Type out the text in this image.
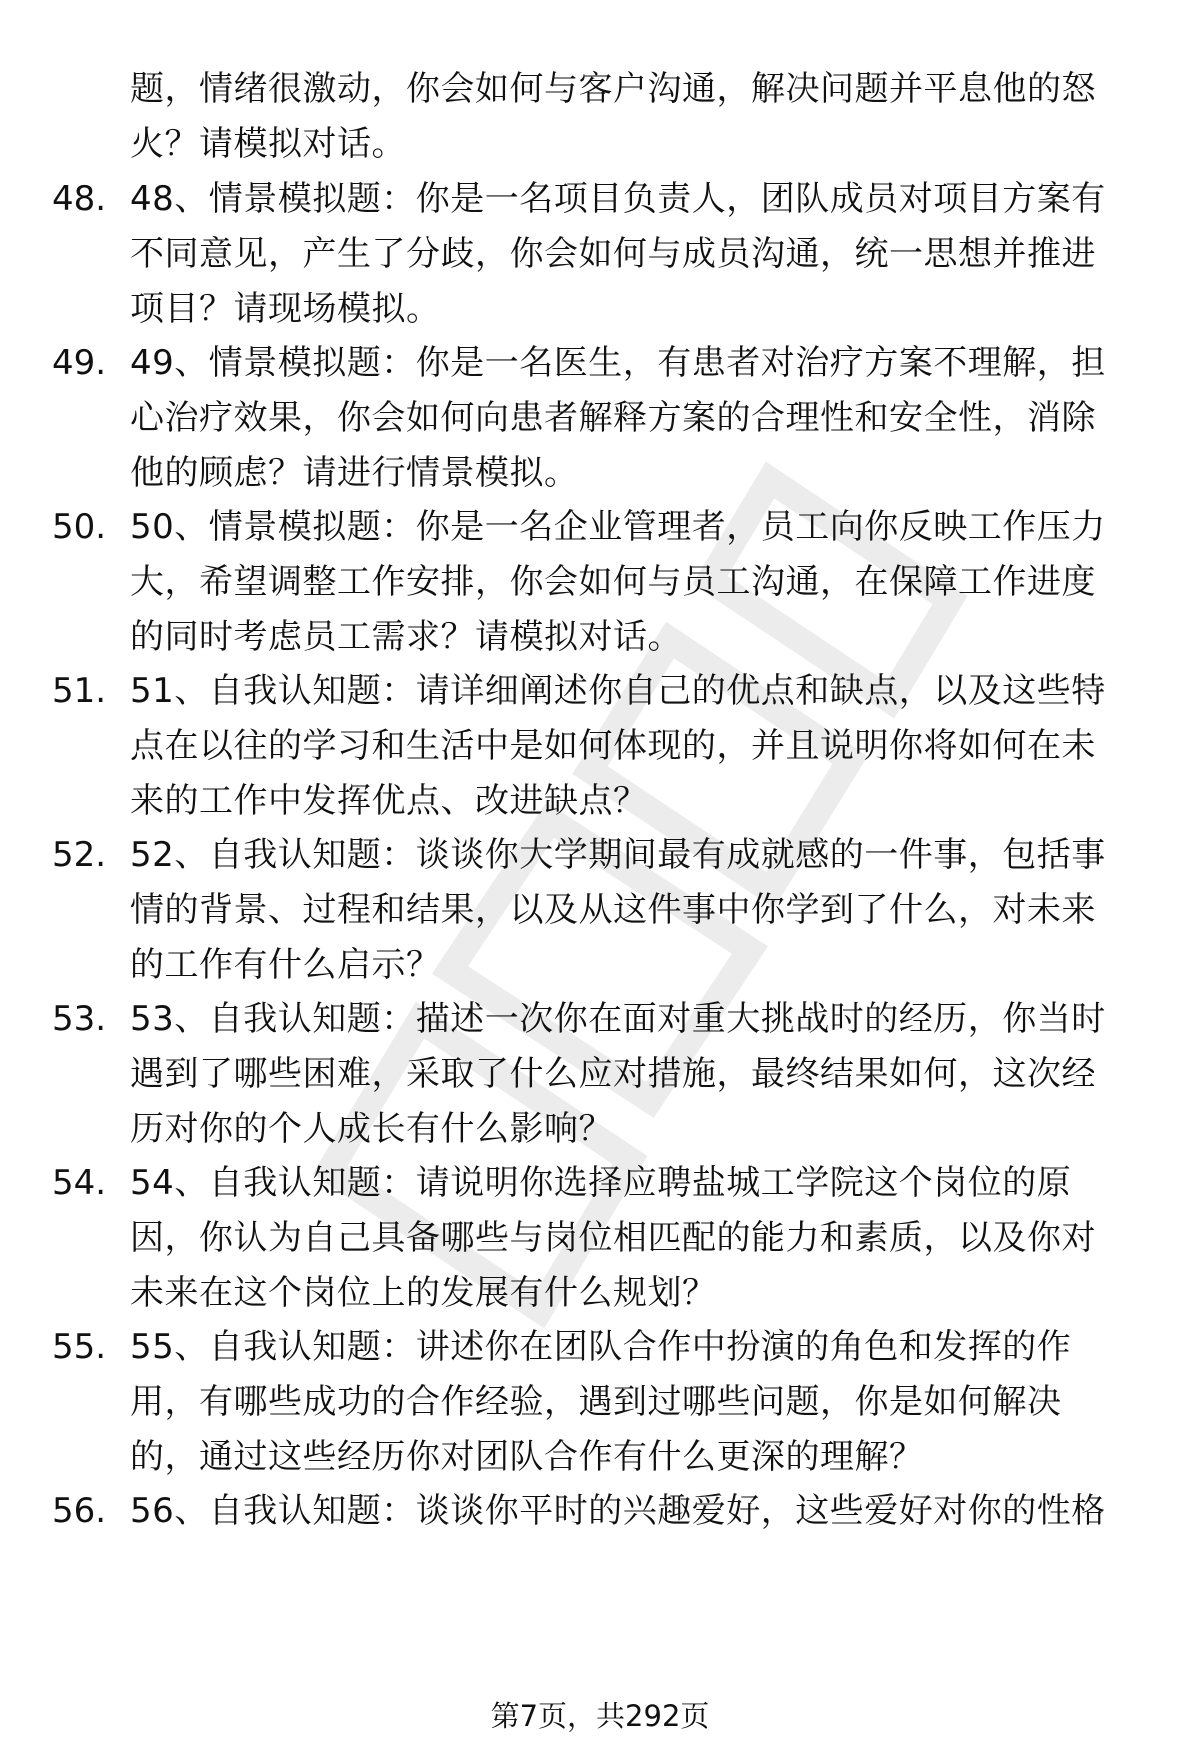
题，情绪很激动，你会如何与客户沟通，解决问题并平息他的怒
火？请模拟对话。
48. 48、情景模拟题：你是一名项目负责人，团队成员对项目方案有
不同意见，产生了分歧，你会如何与成员沟通，统一思想并推进
项目？请现场模拟。
49. 49、情景模拟题：你是一名医生，有患者对治疗方案不理解，担
心治疗效果，你会如何向患者解释方案的合理性和安全性，消除
他的顾虑？请进行情景模拟。
50. 50、情景模拟题：你是一名企业管理者，员工向你反映工作压力
大，希望调整工作安排，你会如何与员工沟通，在保障工作进度
的同时考虑员工需求？请模拟对话。
51. 51、自我认知题：请详细阐述你自己的优点和缺点，以及这些特
点在以往的学习和生活中是如何体现的，并且说明你将如何在未
来的工作中发挥优点、改进缺点？
52. 52、自我认知题：谈谈你大学期间最有成就感的一件事，包括事
情的背景、过程和结果，以及从这件事中你学到了什么，对未来
的工作有什么启示？
53. 53、自我认知题：描述一次你在面对重大挑战时的经历，你当时
遇到了哪些困难，采取了什么应对措施，最终结果如何，这次经
历对你的个人成长有什么影响？
54. 54、自我认知题：请说明你选择应聘盐城工学院这个岗位的原
因，你认为自己具备哪些与岗位相匹配的能力和素质，以及你对
未来在这个岗位上的发展有什么规划？
55. 55、自我认知题：讲述你在团队合作中扮演的角色和发挥的作
用，有哪些成功的合作经验，遇到过哪些问题，你是如何解决
的，通过这些经历你对团队合作有什么更深的理解？
56. 56、自我认知题：谈谈你平时的兴趣爱好，这些爱好对你的性格
第7页，共292页
